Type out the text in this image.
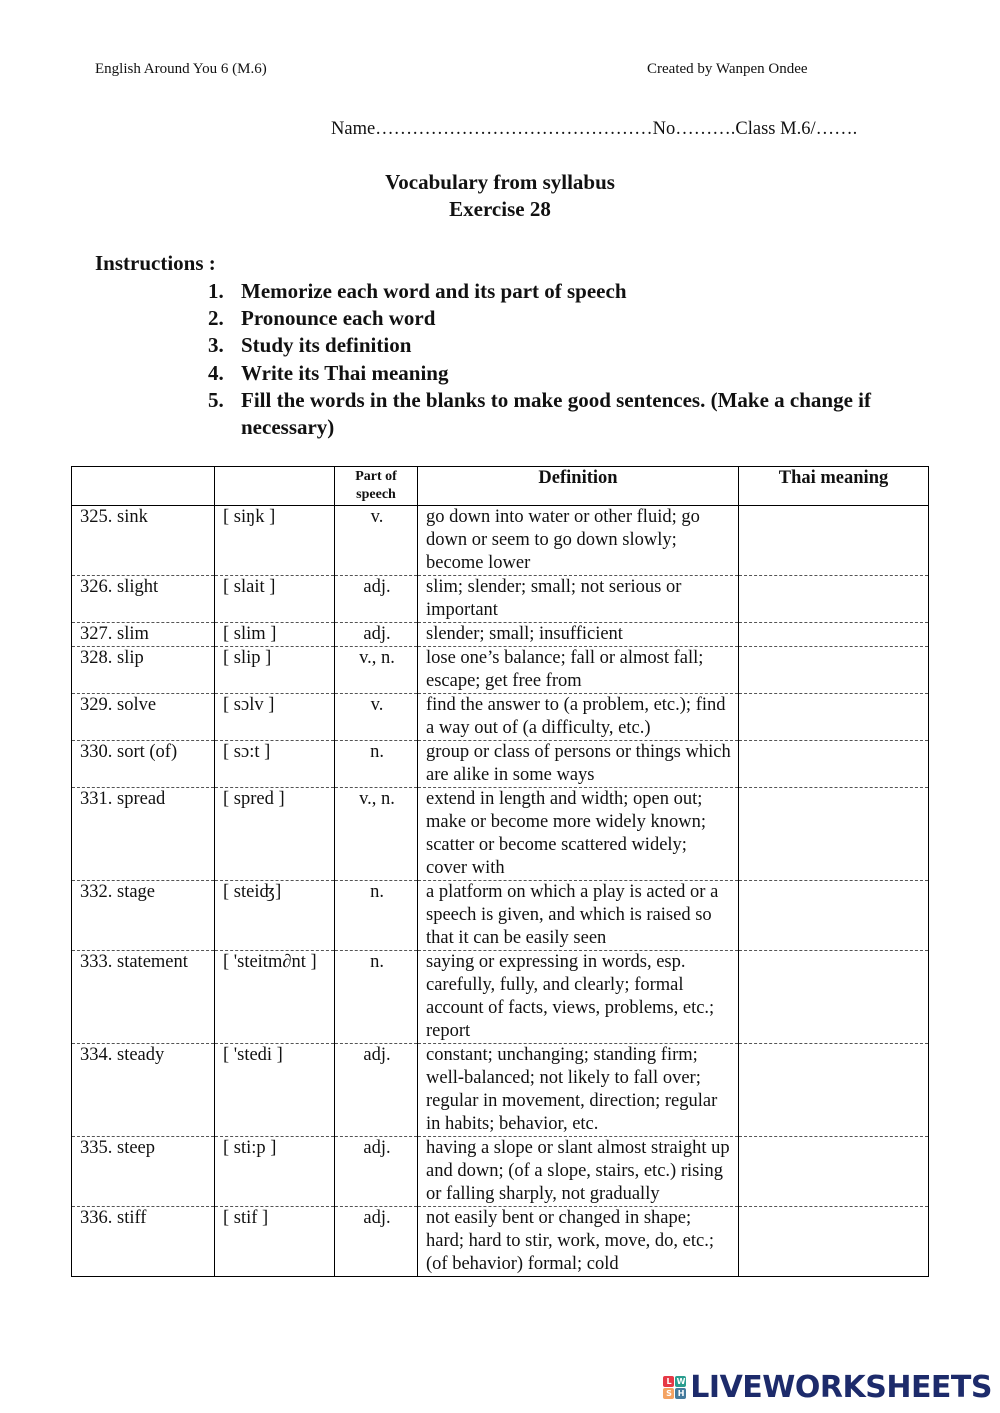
English Around You 6 (M.6)	Created by Wanpen Ondee
Name………………………………………No……….Class M.6/…….
Vocabulary from syllabus
Exercise 28
Instructions :
1. Memorize each word and its part of speech
2. Pronounce each word
3. Study its definition
4. Write its Thai meaning
5. Fill the words in the blanks to make good sentences. (Make a change if necessary)
		Part of speech	Definition	Thai meaning
325. sink	[ siŋk ]	v.	go down into water or other fluid; go down or seem to go down slowly; become lower	
326. slight	[ slait ]	adj.	slim; slender; small; not serious or important	
327. slim	[ slim ]	adj.	slender; small; insufficient	
328. slip	[ slip ]	v., n.	lose one’s balance; fall or almost fall; escape; get free from	
329. solve	[ sɔlv ]	v.	find the answer to (a problem, etc.); find a way out of (a difficulty, etc.)	
330. sort (of)	[ sɔ:t ]	n.	group or class of persons or things which are alike in some ways	
331. spread	[ spred ]	v., n.	extend in length and width; open out; make or become more widely known; scatter or become scattered widely; cover with	
332. stage	[ steiʤ]	n.	a platform on which a play is acted or a speech is given, and which is raised so that it can be easily seen	
333. statement	[ 'steitm∂nt ]	n.	saying or expressing in words, esp. carefully, fully, and clearly; formal account of facts, views, problems, etc.; report	
334. steady	[ 'stedi ]	adj.	constant; unchanging; standing firm; well-balanced; not likely to fall over; regular in movement, direction; regular in habits; behavior, etc.	
335. steep	[ sti:p ]	adj.	having a slope or slant almost straight up and down; (of a slope, stairs, etc.) rising or falling sharply, not gradually	
336. stiff	[ stif ]	adj.	not easily bent or changed in shape; hard; hard to stir, work, move, do, etc.; (of behavior) formal; cold	
L W
S H LIVEWORKSHEETS
